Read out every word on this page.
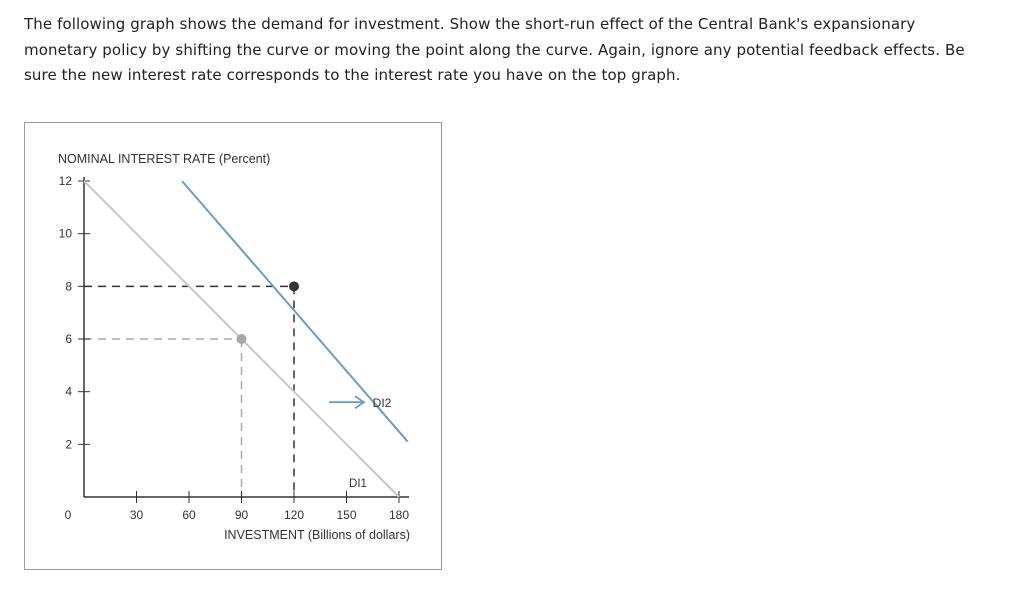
The following graph shows the demand for investment. Show the short-run effect of the Central Bank's expansionary monetary policy by shifting the curve or moving the point along the curve. Again, ignore any potential feedback effects. Be sure the new interest rate corresponds to the interest rate you have on the top graph.

0	30	60	90	120	150	180
2
4
6
8
10
12
NOMINAL INTEREST RATE (Percent)
INVESTMENT (Billions of dollars)
DI1
DI2
